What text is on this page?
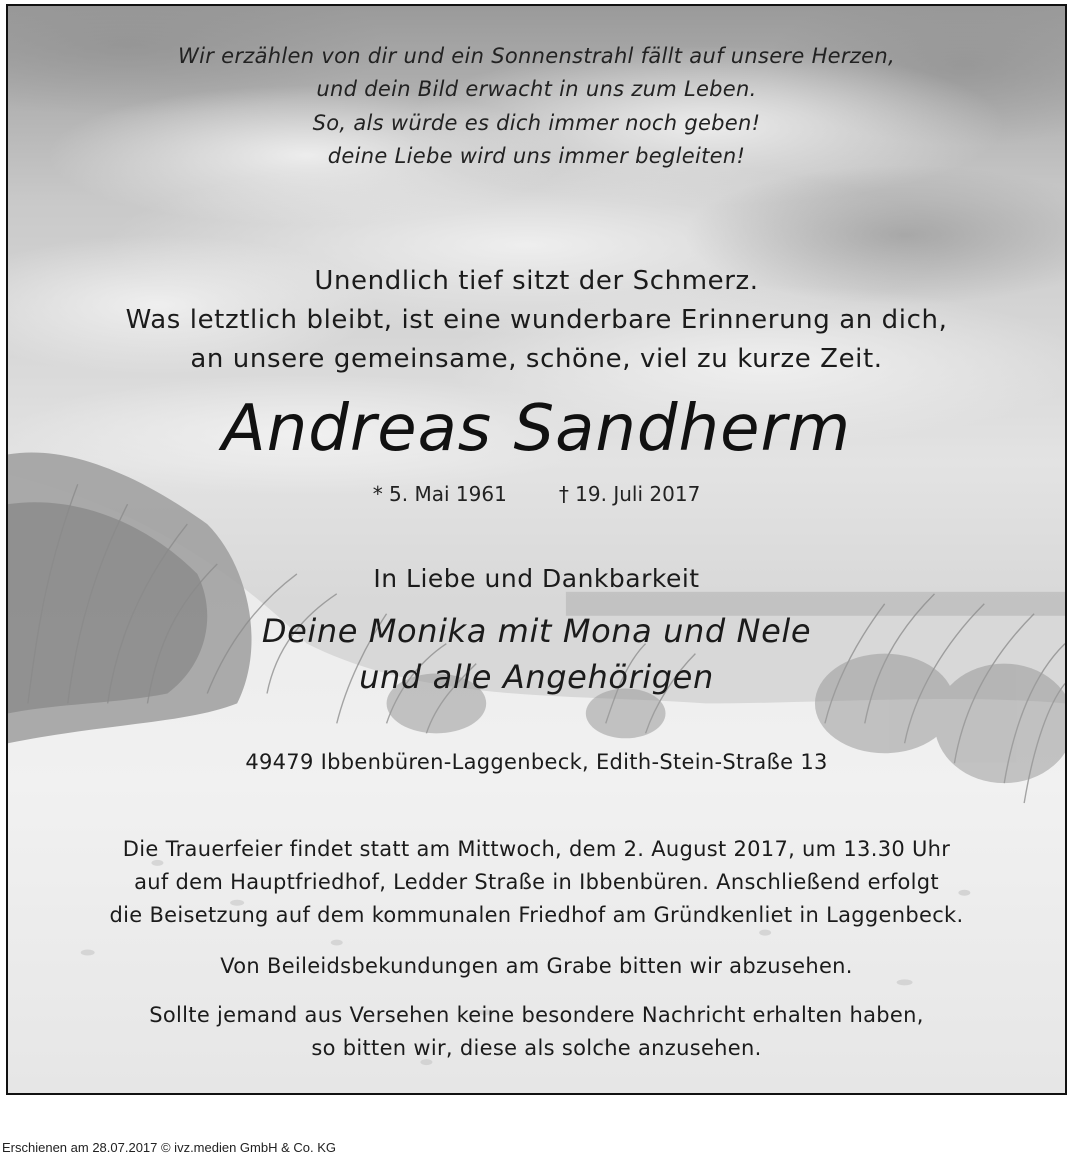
Wir erzählen von dir und ein Sonnenstrahl fällt auf unsere Herzen,
und dein Bild erwacht in uns zum Leben.
So, als würde es dich immer noch geben!
deine Liebe wird uns immer begleiten!
Unendlich tief sitzt der Schmerz.
Was letztlich bleibt, ist eine wunderbare Erinnerung an dich,
an unsere gemeinsame, schöne, viel zu kurze Zeit.
Andreas Sandherm
* 5. Mai 1961	† 19. Juli 2017
In Liebe und Dankbarkeit
Deine Monika mit Mona und Nele
und alle Angehörigen
49479 Ibbenbüren-Laggenbeck, Edith-Stein-Straße 13
Die Trauerfeier findet statt am Mittwoch, dem 2. August 2017, um 13.30 Uhr
auf dem Hauptfriedhof, Ledder Straße in Ibbenbüren. Anschließend erfolgt
die Beisetzung auf dem kommunalen Friedhof am Gründkenliet in Laggenbeck.
Von Beileidsbekundungen am Grabe bitten wir abzusehen.
Sollte jemand aus Versehen keine besondere Nachricht erhalten haben,
so bitten wir, diese als solche anzusehen.
Erschienen am 28.07.2017 © ivz.medien GmbH & Co. KG
